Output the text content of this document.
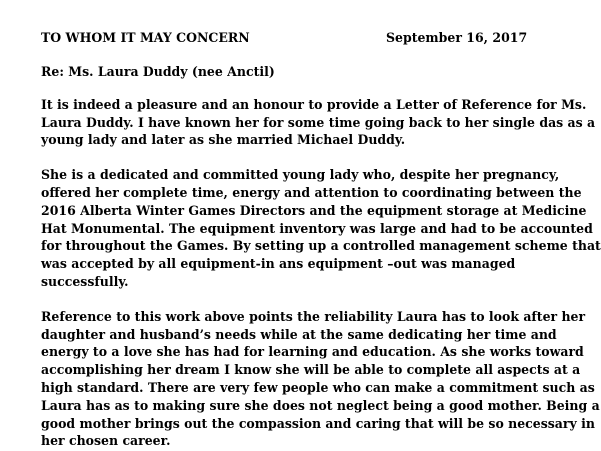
TO WHOM IT MAY CONCERN	September 16, 2017
Re: Ms. Laura Duddy (nee Anctil)
It is indeed a pleasure and an honour to provide a Letter of Reference for Ms.
Laura Duddy. I have known her for some time going back to her single das as a
young lady and later as she married Michael Duddy.
She is a dedicated and committed young lady who, despite her pregnancy,
offered her complete time, energy and attention to coordinating between the
2016 Alberta Winter Games Directors and the equipment storage at Medicine
Hat Monumental. The equipment inventory was large and had to be accounted
for throughout the Games. By setting up a controlled management scheme that
was accepted by all equipment-in ans equipment –out was managed
successfully.
Reference to this work above points the reliability Laura has to look after her
daughter and husband’s needs while at the same dedicating her time and
energy to a love she has had for learning and education. As she works toward
accomplishing her dream I know she will be able to complete all aspects at a
high standard. There are very few people who can make a commitment such as
Laura has as to making sure she does not neglect being a good mother. Being a
good mother brings out the compassion and caring that will be so necessary in
her chosen career.
